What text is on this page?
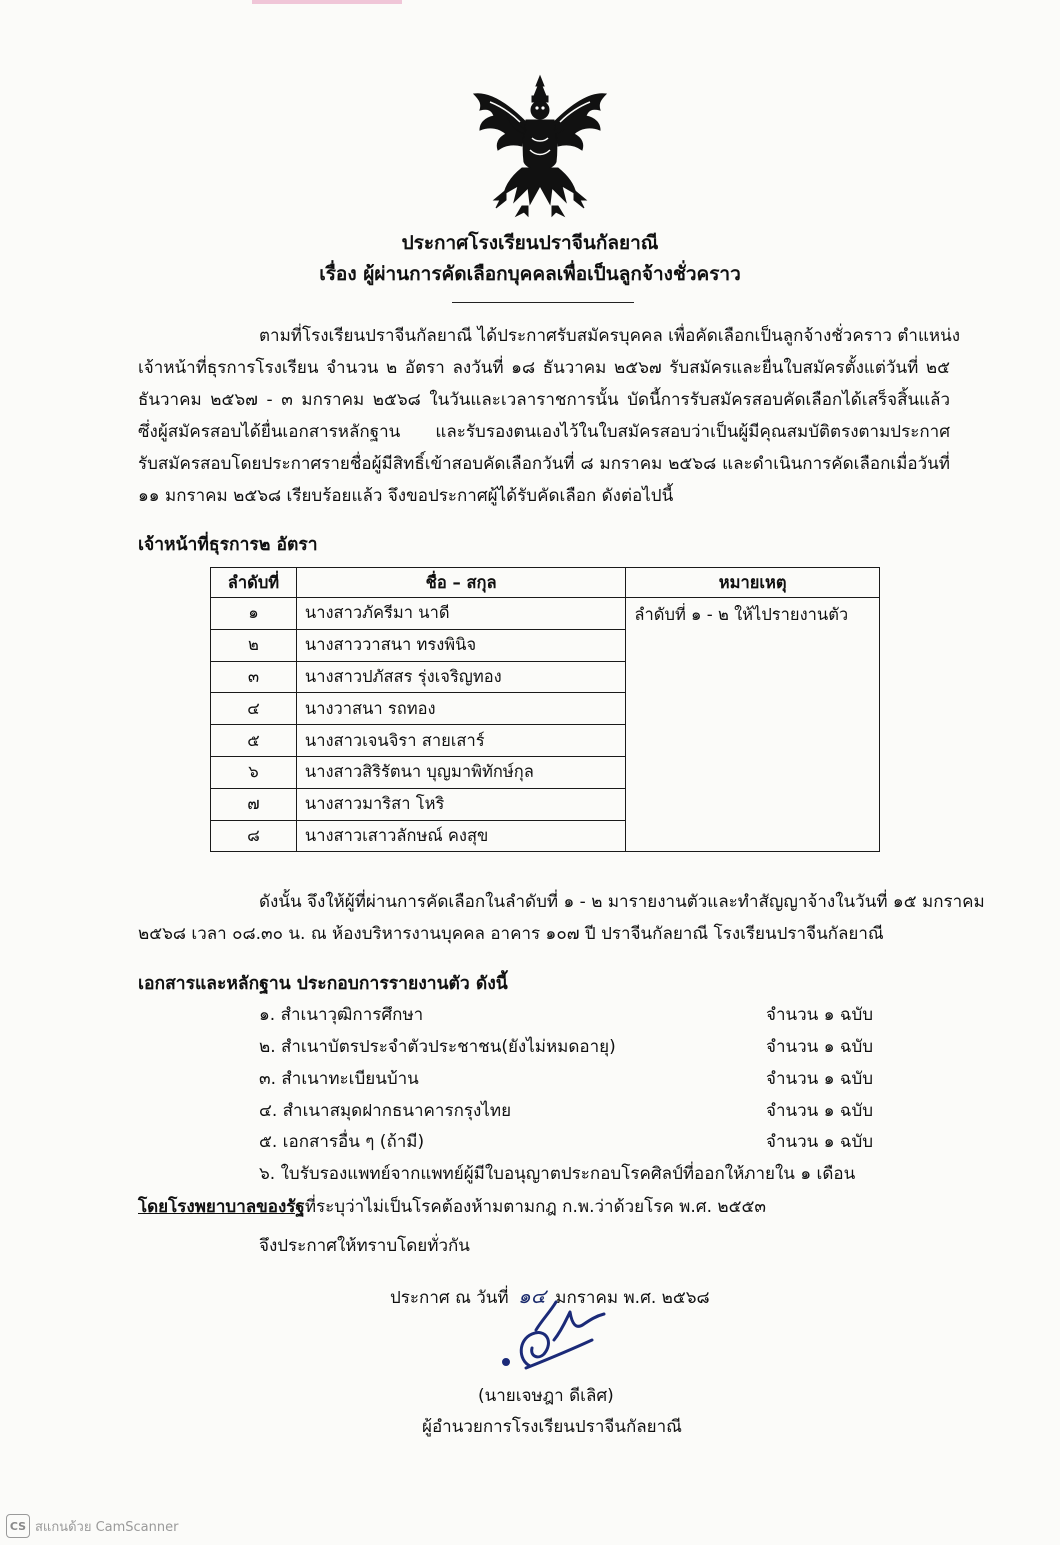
ประกาศโรงเรียนปราจีนกัลยาณี
เรื่อง ผู้ผ่านการคัดเลือกบุคคลเพื่อเป็นลูกจ้างชั่วคราว
ตามที่โรงเรียนปราจีนกัลยาณี ได้ประกาศรับสมัครบุคคล เพื่อคัดเลือกเป็นลูกจ้างชั่วคราว ตำแหน่ง
เจ้าหน้าที่ธุรการโรงเรียน จำนวน ๒ อัตรา ลงวันที่ ๑๘ ธันวาคม ๒๕๖๗ รับสมัครและยื่นใบสมัครตั้งแต่วันที่ ๒๕
ธันวาคม ๒๕๖๗ - ๓ มกราคม ๒๕๖๘ ในวันและเวลาราชการนั้น บัดนี้การรับสมัครสอบคัดเลือกได้เสร็จสิ้นแล้ว
ซึ่งผู้สมัครสอบได้ยื่นเอกสารหลักฐาน และรับรองตนเองไว้ในใบสมัครสอบว่าเป็นผู้มีคุณสมบัติตรงตามประกาศ
รับสมัครสอบโดยประกาศรายชื่อผู้มีสิทธิ์เข้าสอบคัดเลือกวันที่ ๘ มกราคม ๒๕๖๘ และดำเนินการคัดเลือกเมื่อวันที่
๑๑ มกราคม ๒๕๖๘ เรียบร้อยแล้ว จึงขอประกาศผู้ได้รับคัดเลือก ดังต่อไปนี้
เจ้าหน้าที่ธุรการ๒ อัตรา
ลำดับที่	ชื่อ – สกุล	หมายเหตุ
๑	นางสาวภัครีมา นาดี	ลำดับที่ ๑ - ๒ ให้ไปรายงานตัว
๒	นางสาววาสนา ทรงพินิจ	
๓	นางสาวปภัสสร รุ่งเจริญทอง	
๔	นางวาสนา รถทอง	
๕	นางสาวเจนจิรา สายเสาร์	
๖	นางสาวสิริรัตนา บุญมาพิทักษ์กุล	
๗	นางสาวมาริสา โหริ	
๘	นางสาวเสาวลักษณ์ คงสุข	
ดังนั้น จึงให้ผู้ที่ผ่านการคัดเลือกในลำดับที่ ๑ - ๒ มารายงานตัวและทำสัญญาจ้างในวันที่ ๑๕ มกราคม
๒๕๖๘ เวลา ๐๘.๓๐ น. ณ ห้องบริหารงานบุคคล อาคาร ๑๐๗ ปี ปราจีนกัลยาณี โรงเรียนปราจีนกัลยาณี
เอกสารและหลักฐาน ประกอบการรายงานตัว ดังนี้
๑. สำเนาวุฒิการศึกษา	จำนวน ๑ ฉบับ
๒. สำเนาบัตรประจำตัวประชาชน(ยังไม่หมดอายุ)	จำนวน ๑ ฉบับ
๓. สำเนาทะเบียนบ้าน	จำนวน ๑ ฉบับ
๔. สำเนาสมุดฝากธนาคารกรุงไทย	จำนวน ๑ ฉบับ
๕. เอกสารอื่น ๆ (ถ้ามี)	จำนวน ๑ ฉบับ
๖. ใบรับรองแพทย์จากแพทย์ผู้มีใบอนุญาตประกอบโรคศิลป์ที่ออกให้ภายใน ๑ เดือน
โดยโรงพยาบาลของรัฐที่ระบุว่าไม่เป็นโรคต้องห้ามตามกฎ ก.พ.ว่าด้วยโรค พ.ศ. ๒๕๕๓
จึงประกาศให้ทราบโดยทั่วกัน
ประกาศ ณ วันที่ ๑๔ มกราคม พ.ศ. ๒๕๖๘
(นายเจษฎา ดีเลิศ)
ผู้อำนวยการโรงเรียนปราจีนกัลยาณี
CS สแกนด้วย CamScanner
